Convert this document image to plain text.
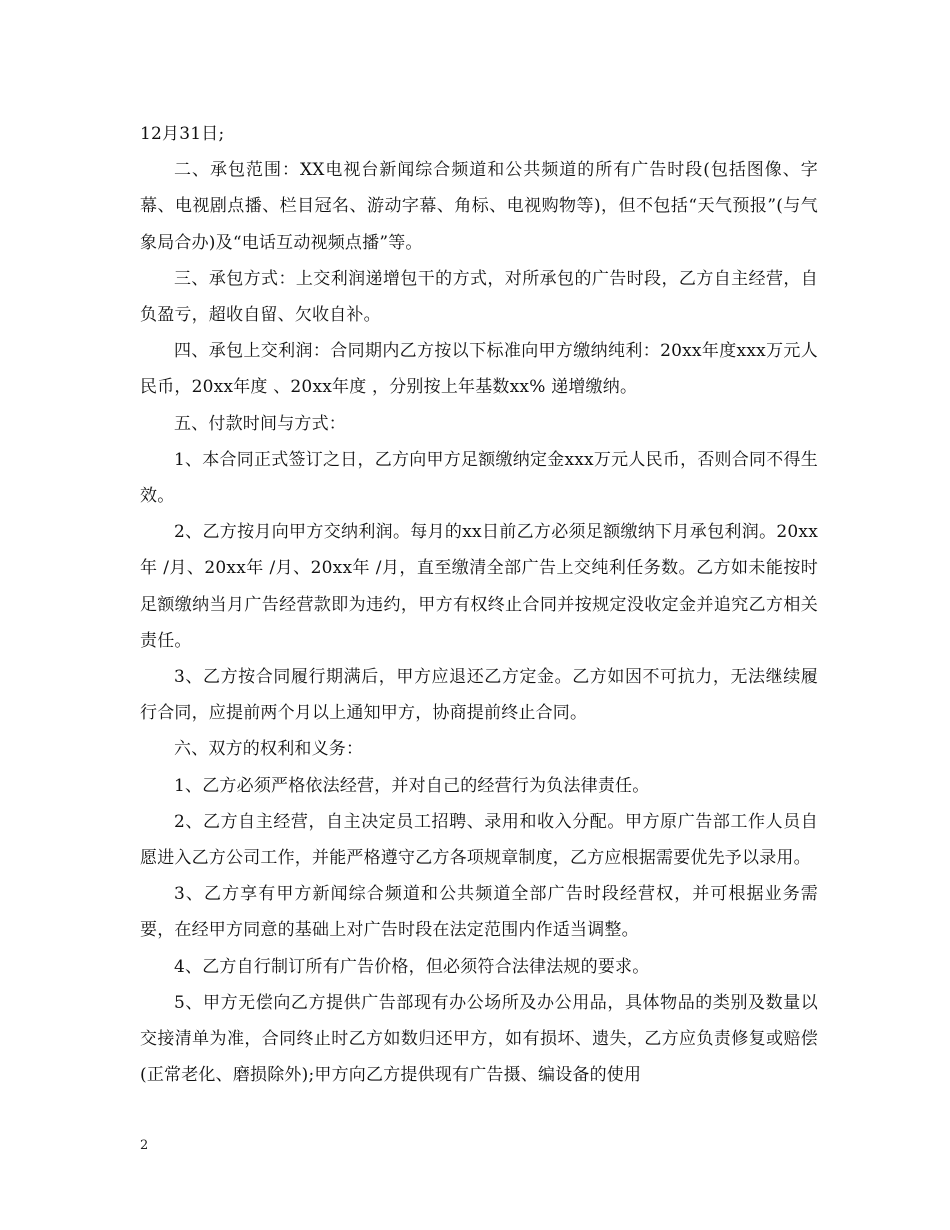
12月31日;

二、承包范围：XX电视台新闻综合频道和公共频道的所有广告时段(包括图像、字幕、电视剧点播、栏目冠名、游动字幕、角标、电视购物等)，但不包括“天气预报”(与气象局合办)及“电话互动视频点播”等。

三、承包方式：上交利润递增包干的方式，对所承包的广告时段，乙方自主经营，自负盈亏，超收自留、欠收自补。

四、承包上交利润：合同期内乙方按以下标准向甲方缴纳纯利：20xx年度xxx万元人民币，20xx年度 、20xx年度 ，分别按上年基数xx% 递增缴纳。

五、付款时间与方式：

1、本合同正式签订之日，乙方向甲方足额缴纳定金xxx万元人民币，否则合同不得生效。

2、乙方按月向甲方交纳利润。每月的xx日前乙方必须足额缴纳下月承包利润。20xx年 /月、20xx年 /月、20xx年 /月，直至缴清全部广告上交纯利任务数。乙方如未能按时足额缴纳当月广告经营款即为违约，甲方有权终止合同并按规定没收定金并追究乙方相关责任。

3、乙方按合同履行期满后，甲方应退还乙方定金。乙方如因不可抗力，无法继续履行合同，应提前两个月以上通知甲方，协商提前终止合同。

六、双方的权利和义务：

1、乙方必须严格依法经营，并对自己的经营行为负法律责任。

2、乙方自主经营，自主决定员工招聘、录用和收入分配。甲方原广告部工作人员自愿进入乙方公司工作，并能严格遵守乙方各项规章制度，乙方应根据需要优先予以录用。

3、乙方享有甲方新闻综合频道和公共频道全部广告时段经营权，并可根据业务需要，在经甲方同意的基础上对广告时段在法定范围内作适当调整。

4、乙方自行制订所有广告价格，但必须符合法律法规的要求。

5、甲方无偿向乙方提供广告部现有办公场所及办公用品，具体物品的类别及数量以交接清单为准，合同终止时乙方如数归还甲方，如有损坏、遗失，乙方应负责修复或赔偿(正常老化、磨损除外);甲方向乙方提供现有广告摄、编设备的使用

2
